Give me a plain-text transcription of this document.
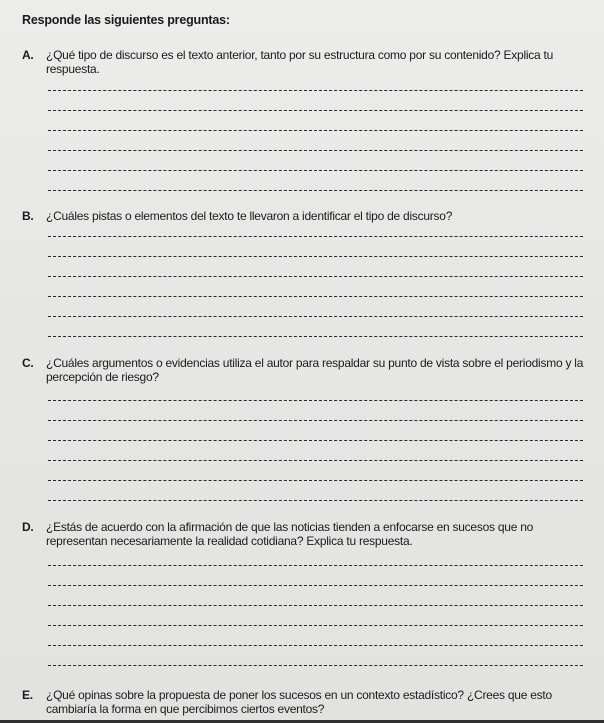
Responde las siguientes preguntas:
A. ¿Qué tipo de discurso es el texto anterior, tanto por su estructura como por su contenido? Explica tu respuesta.
B. ¿Cuáles pistas o elementos del texto te llevaron a identificar el tipo de discurso?
C. ¿Cuáles argumentos o evidencias utiliza el autor para respaldar su punto de vista sobre el periodismo y la percepción de riesgo?
D. ¿Estás de acuerdo con la afirmación de que las noticias tienden a enfocarse en sucesos que no representan necesariamente la realidad cotidiana? Explica tu respuesta.
E. ¿Qué opinas sobre la propuesta de poner los sucesos en un contexto estadístico? ¿Crees que esto cambiaría la forma en que percibimos ciertos eventos?
